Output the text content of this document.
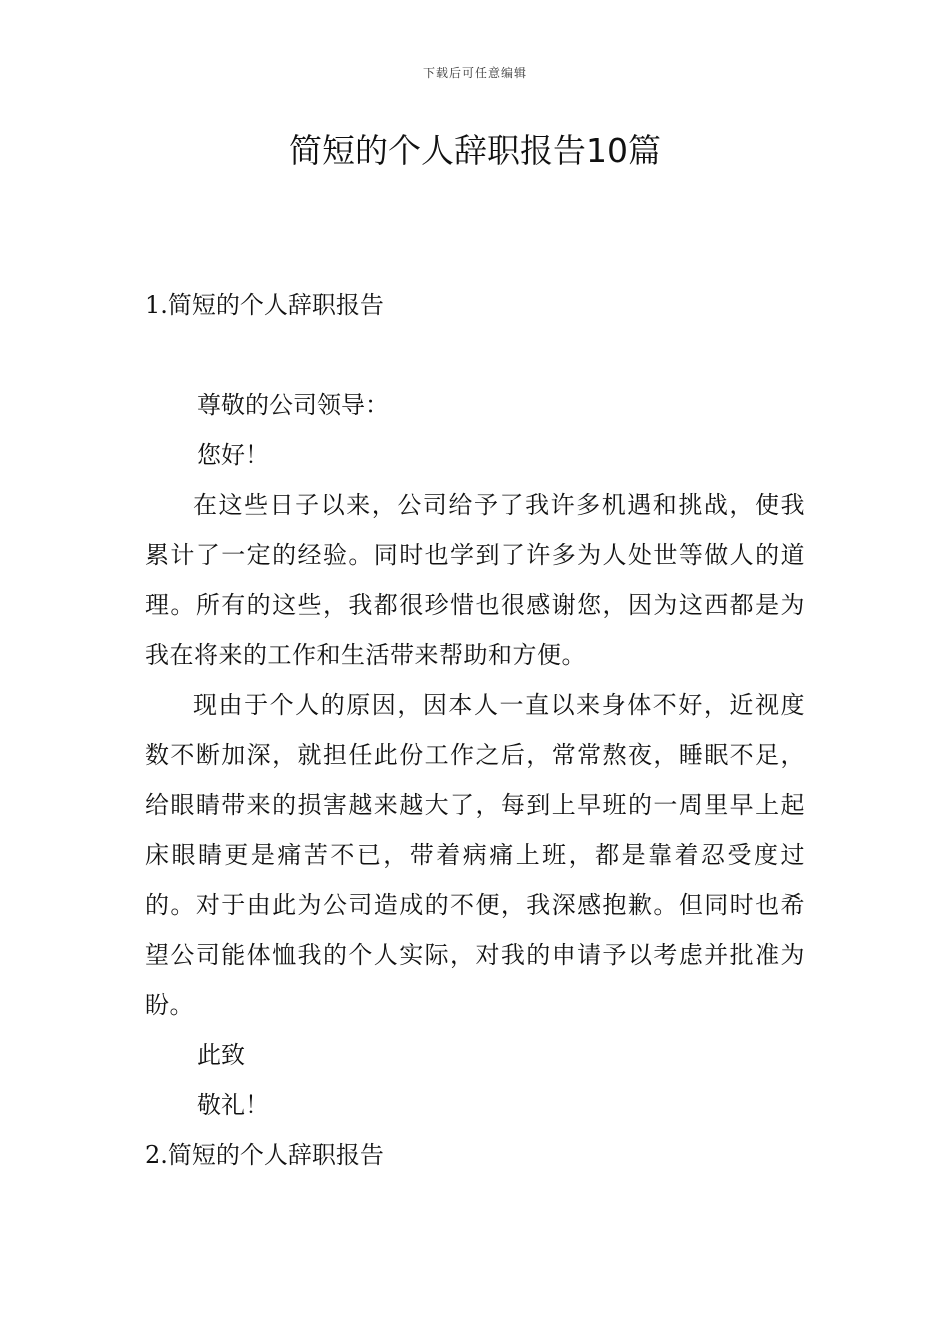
下载后可任意编辑
简短的个人辞职报告10篇
1.简短的个人辞职报告

尊敬的公司领导：

您好！

在这些日子以来，公司给予了我许多机遇和挑战，使我累计了一定的经验。同时也学到了许多为人处世等做人的道理。所有的这些，我都很珍惜也很感谢您，因为这西都是为我在将来的工作和生活带来帮助和方便。

现由于个人的原因，因本人一直以来身体不好，近视度数不断加深，就担任此份工作之后，常常熬夜，睡眠不足，给眼睛带来的损害越来越大了，每到上早班的一周里早上起床眼睛更是痛苦不已，带着病痛上班，都是靠着忍受度过的。对于由此为公司造成的不便，我深感抱歉。但同时也希望公司能体恤我的个人实际，对我的申请予以考虑并批准为盼。

此致

敬礼！

2.简短的个人辞职报告
